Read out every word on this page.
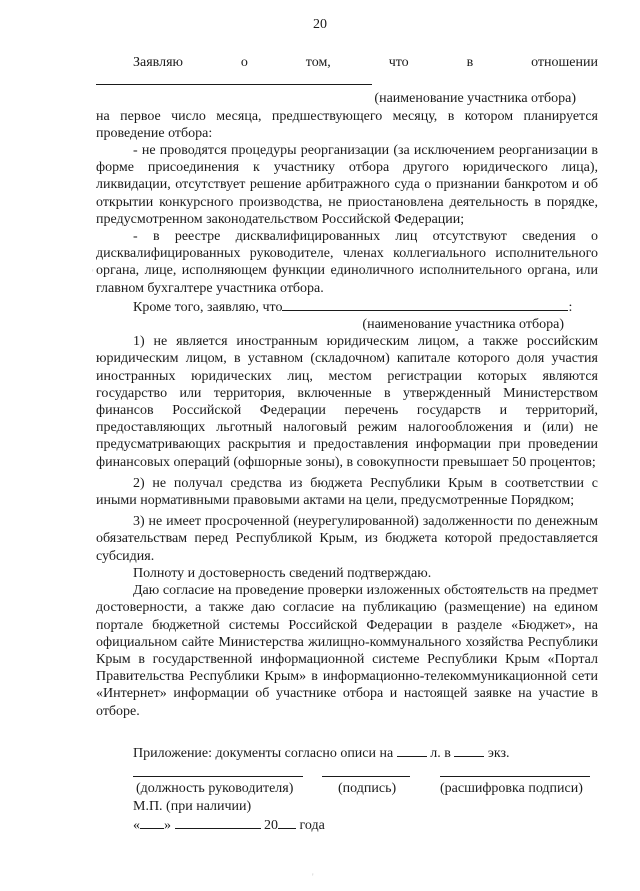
20

Заявляю о том, что в отношении

(наименование участника отбора)

на первое число месяца, предшествующего месяцу, в котором планируется проведение отбора:

- не проводятся процедуры реорганизации (за исключением реорганизации в форме присоединения к участнику отбора другого юридического лица), ликвидации, отсутствует решение арбитражного суда о признании банкротом и об открытии конкурсного производства, не приостановлена деятельность в порядке, предусмотренном законодательством Российской Федерации;

- в реестре дисквалифицированных лиц отсутствуют сведения о дисквалифицированных руководителе, членах коллегиального исполнительного органа, лице, исполняющем функции единоличного исполнительного органа, или главном бухгалтере участника отбора.

Кроме того, заявляю, что	:

(наименование участника отбора)

1) не является иностранным юридическим лицом, а также российским юридическим лицом, в уставном (складочном) капитале которого доля участия иностранных юридических лиц, местом регистрации которых являются государство или территория, включенные в утвержденный Министерством финансов Российской Федерации перечень государств и территорий, предоставляющих льготный налоговый режим налогообложения и (или) не предусматривающих раскрытия и предоставления информации при проведении финансовых операций (офшорные зоны), в совокупности превышает 50 процентов;

2) не получал средства из бюджета Республики Крым в соответствии с иными нормативными правовыми актами на цели, предусмотренные Порядком;

3) не имеет просроченной (неурегулированной) задолженности по денежным обязательствам перед Республикой Крым, из бюджета которой предоставляется субсидия.

Полноту и достоверность сведений подтверждаю.

Даю согласие на проведение проверки изложенных обстоятельств на предмет достоверности, а также даю согласие на публикацию (размещение) на едином портале бюджетной системы Российской Федерации в разделе «Бюджет», на официальном сайте Министерства жилищно-коммунального хозяйства Республики Крым в государственной информационной системе Республики Крым «Портал Правительства Республики Крым» в информационно-телекоммуникационной сети «Интернет» информации об участнике отбора и настоящей заявке на участие в отборе.

Приложение: документы согласно описи на	л. в	экз.

(должность руководителя)	(подпись)	(расшифровка подписи)

М.П. (при наличии)

« »	20 года

'
'
